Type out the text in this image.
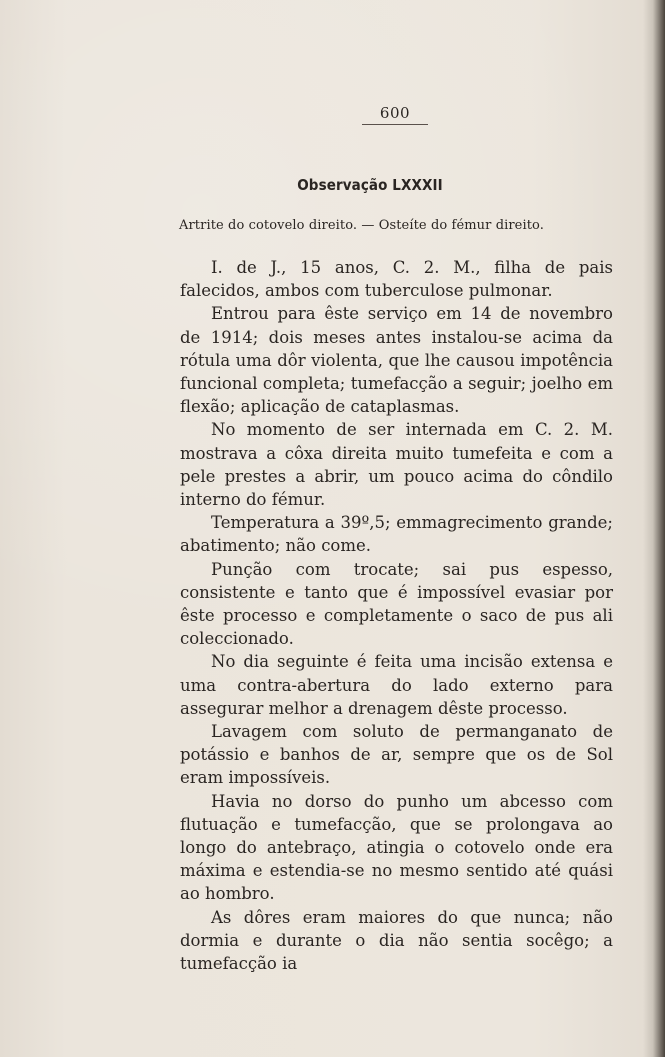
600
Observação LXXXII
Artrite do cotovelo direito. — Osteíte do fémur direito.

I. de J., 15 anos, C. 2. M., filha de pais falecidos, ambos com tuberculose pulmonar.

Entrou para êste serviço em 14 de novembro de 1914; dois meses antes instalou-se acima da rótula uma dôr violenta, que lhe causou impotência funcional completa; tumefacção a seguir; joelho em flexão; aplicação de cataplasmas.

No momento de ser internada em C. 2. M. mostrava a côxa direita muito tumefeita e com a pele prestes a abrir, um pouco acima do côndilo interno do fémur.

Temperatura a 39º,5; emmagrecimento grande; abatimento; não come.

Punção com trocate; sai pus espesso, consistente e tanto que é impossível evasiar por êste processo e completamente o saco de pus ali coleccionado.

No dia seguinte é feita uma incisão extensa e uma contra-abertura do lado externo para assegurar melhor a drenagem dêste processo.

Lavagem com soluto de permanganato de potássio e banhos de ar, sempre que os de Sol eram impossíveis.

Havia no dorso do punho um abcesso com flutuação e tumefacção, que se prolongava ao longo do antebraço, atingia o cotovelo onde era máxima e estendia-se no mesmo sentido até quási ao hombro.

As dôres eram maiores do que nunca; não dormia e durante o dia não sentia socêgo; a tumefacção ia
